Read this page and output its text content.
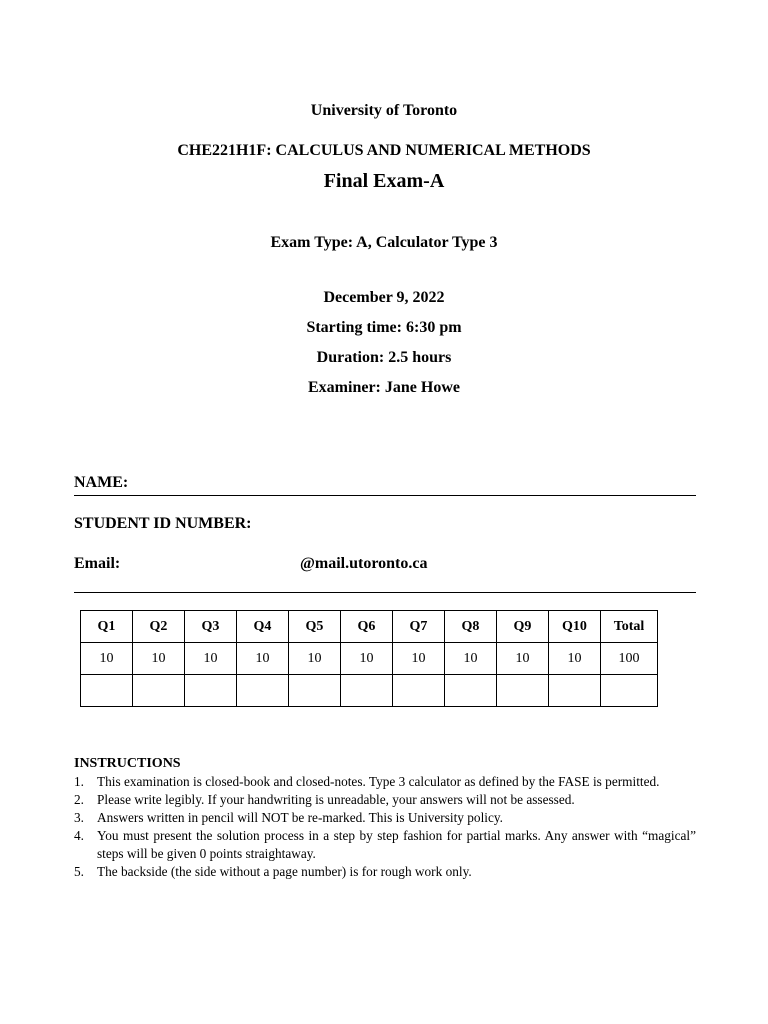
University of Toronto
CHE221H1F: CALCULUS AND NUMERICAL METHODS
Final Exam-A
Exam Type: A, Calculator Type 3
December 9, 2022
Starting time: 6:30 pm
Duration: 2.5 hours
Examiner: Jane Howe
NAME:
STUDENT ID NUMBER:
Email:	@mail.utoronto.ca
Q1	Q2	Q3	Q4	Q5	Q6	Q7	Q8	Q9	Q10	Total
10	10	10	10	10	10	10	10	10	10	100

INSTRUCTIONS
1. This examination is closed-book and closed-notes. Type 3 calculator as defined by the FASE is permitted.
2. Please write legibly. If your handwriting is unreadable, your answers will not be assessed.
3. Answers written in pencil will NOT be re-marked. This is University policy.
4. You must present the solution process in a step by step fashion for partial marks. Any answer with “magical” steps will be given 0 points straightaway.
5. The backside (the side without a page number) is for rough work only.
